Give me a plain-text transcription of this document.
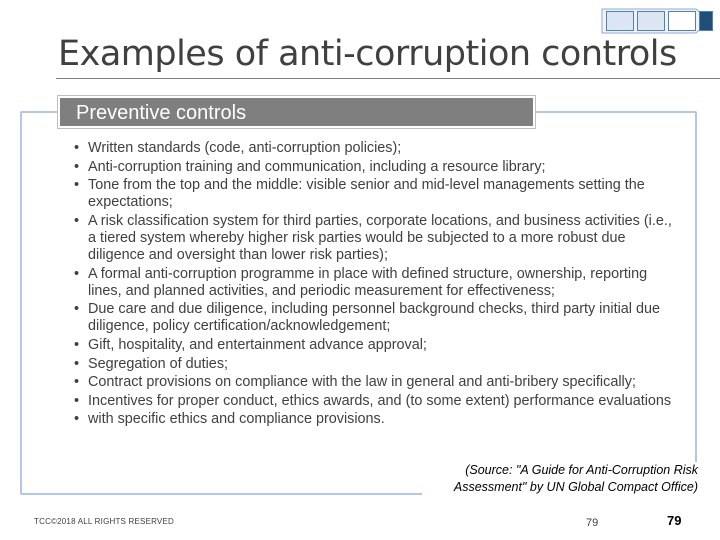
Examples of anti-corruption controls
Preventive controls
• Written standards (code, anti-corruption policies);
• Anti-corruption training and communication, including a resource library;
• Tone from the top and the middle: visible senior and mid-level managements setting the expectations;
• A risk classification system for third parties, corporate locations, and business activities (i.e., a tiered system whereby higher risk parties would be subjected to a more robust due diligence and oversight than lower risk parties);
• A formal anti-corruption programme in place with defined structure, ownership, reporting lines, and planned activities, and periodic measurement for effectiveness;
• Due care and due diligence, including personnel background checks, third party initial due diligence, policy certification/acknowledgement;
• Gift, hospitality, and entertainment advance approval;
• Segregation of duties;
• Contract provisions on compliance with the law in general and anti-bribery specifically;
• Incentives for proper conduct, ethics awards, and (to some extent) performance evaluations
• with specific ethics and compliance provisions.
(Source: "A Guide for Anti-Corruption Risk
Assessment" by UN Global Compact Office)
TCC©2018 ALL RIGHTS RESERVED	79	79
